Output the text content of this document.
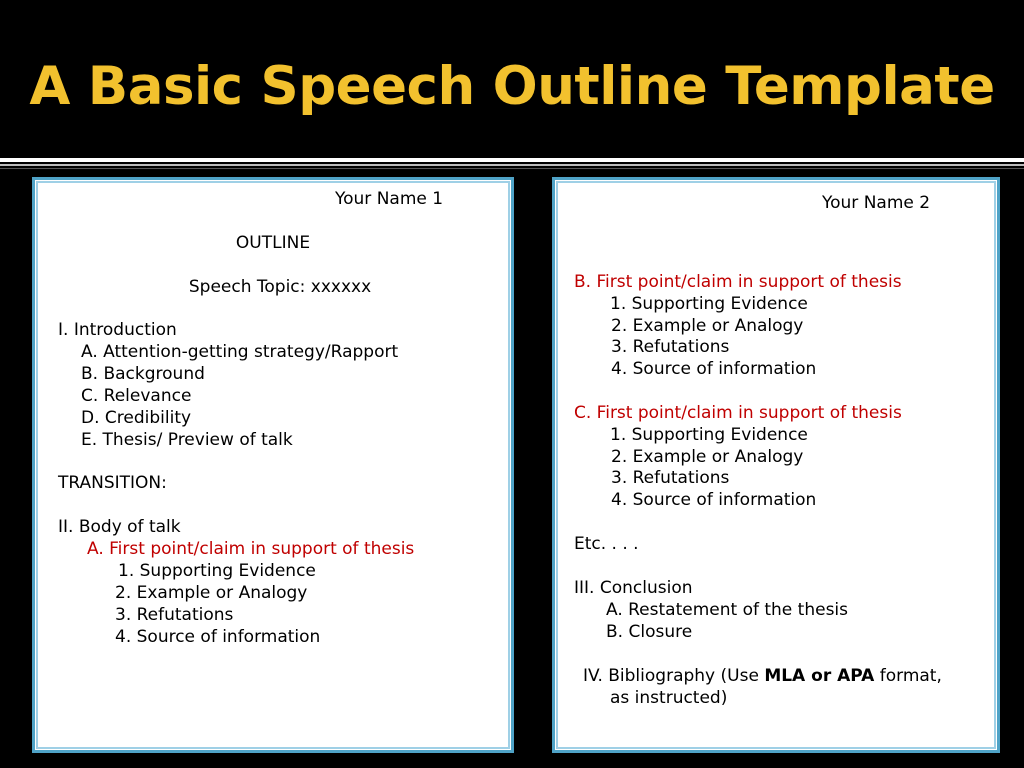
A Basic Speech Outline Template

Your Name 1

OUTLINE

Speech Topic: xxxxxx

I. Introduction

A. Attention-getting strategy/Rapport

B. Background

C. Relevance

D. Credibility

E. Thesis/ Preview of talk

TRANSITION:

II. Body of talk

A. First point/claim in support of thesis

1. Supporting Evidence

2. Example or Analogy

3. Refutations

4. Source of information

Your Name 2

B. First point/claim in support of thesis

1. Supporting Evidence

2. Example or Analogy

3. Refutations

4. Source of information

C. First point/claim in support of thesis

1. Supporting Evidence

2. Example or Analogy

3. Refutations

4. Source of information

Etc. . . .

III. Conclusion

A. Restatement of the thesis

B. Closure

IV. Bibliography (Use MLA or APA format,

as instructed)
